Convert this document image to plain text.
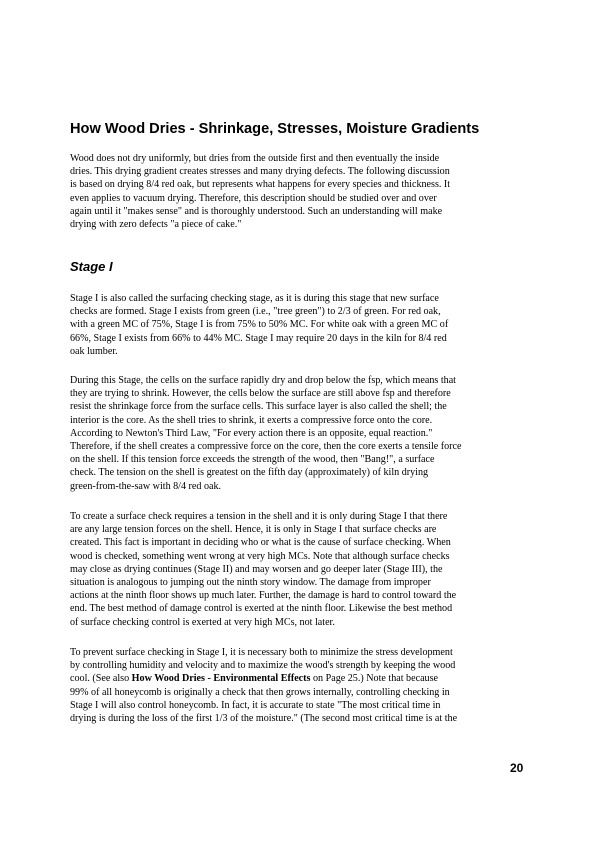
How Wood Dries - Shrinkage, Stresses, Moisture Gradients

Wood does not dry uniformly, but dries from the outside first and then eventually the inside
dries. This drying gradient creates stresses and many drying defects. The following discussion
is based on drying 8/4 red oak, but represents what happens for every species and thickness. It
even applies to vacuum drying. Therefore, this description should be studied over and over
again until it "makes sense" and is thoroughly understood. Such an understanding will make
drying with zero defects "a piece of cake."

Stage I

Stage I is also called the surfacing checking stage, as it is during this stage that new surface
checks are formed. Stage I exists from green (i.e., "tree green") to 2/3 of green. For red oak,
with a green MC of 75%, Stage I is from 75% to 50% MC. For white oak with a green MC of
66%, Stage I exists from 66% to 44% MC. Stage I may require 20 days in the kiln for 8/4 red
oak lumber.

During this Stage, the cells on the surface rapidly dry and drop below the fsp, which means that
they are trying to shrink. However, the cells below the surface are still above fsp and therefore
resist the shrinkage force from the surface cells. This surface layer is also called the shell; the
interior is the core. As the shell tries to shrink, it exerts a compressive force onto the core.
According to Newton's Third Law, "For every action there is an opposite, equal reaction."
Therefore, if the shell creates a compressive force on the core, then the core exerts a tensile force
on the shell. If this tension force exceeds the strength of the wood, then "Bang!", a surface
check. The tension on the shell is greatest on the fifth day (approximately) of kiln drying
green-from-the-saw with 8/4 red oak.

To create a surface check requires a tension in the shell and it is only during Stage I that there
are any large tension forces on the shell. Hence, it is only in Stage I that surface checks are
created. This fact is important in deciding who or what is the cause of surface checking. When
wood is checked, something went wrong at very high MCs. Note that although surface checks
may close as drying continues (Stage II) and may worsen and go deeper later (Stage III), the
situation is analogous to jumping out the ninth story window. The damage from improper
actions at the ninth floor shows up much later. Further, the damage is hard to control toward the
end. The best method of damage control is exerted at the ninth floor. Likewise the best method
of surface checking control is exerted at very high MCs, not later.

To prevent surface checking in Stage I, it is necessary both to minimize the stress development
by controlling humidity and velocity and to maximize the wood's strength by keeping the wood
cool. (See also How Wood Dries - Environmental Effects on Page 25.) Note that because
99% of all honeycomb is originally a check that then grows internally, controlling checking in
Stage I will also control honeycomb. In fact, it is accurate to state "The most critical time in
drying is during the loss of the first 1/3 of the moisture." (The second most critical time is at the

20
